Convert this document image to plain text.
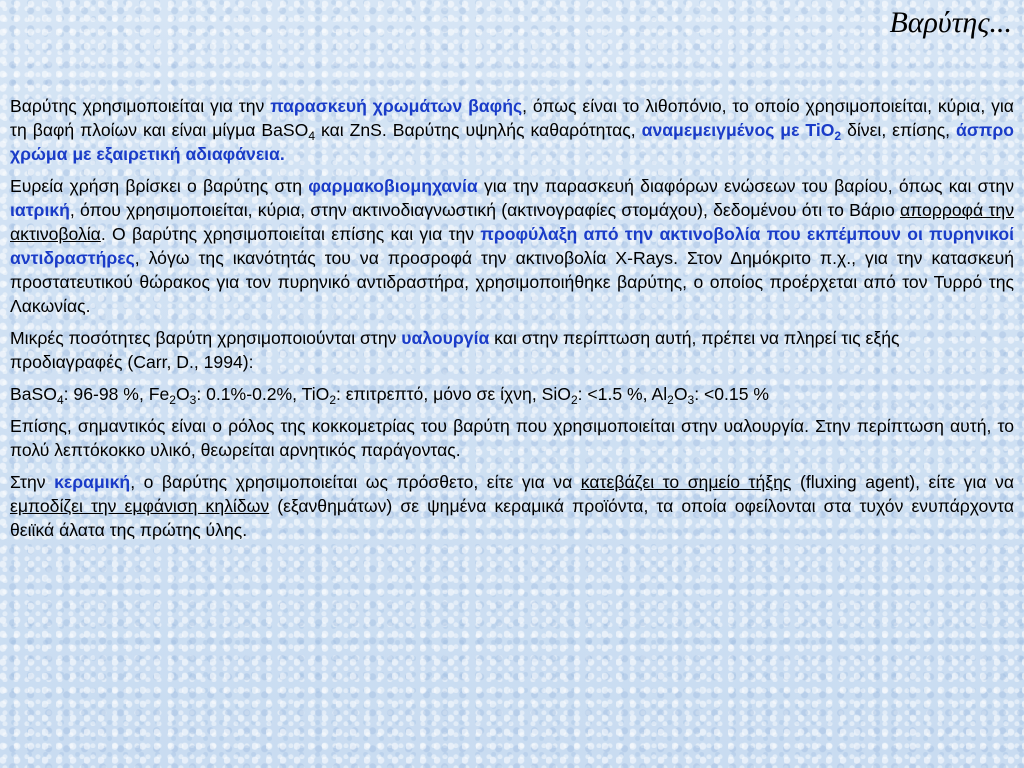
Βαρύτης...

Βαρύτης χρησιμοποιείται για την παρασκευή χρωμάτων βαφής, όπως είναι το λιθοπόνιο, το οποίο χρησιμοποιείται, κύρια, για τη βαφή πλοίων και είναι μίγμα BaSO$_4$ και ZnS. Βαρύτης υψηλής καθαρότητας, αναμεμειγμένος με TiO$_2$ δίνει, επίσης, άσπρο χρώμα με εξαιρετική αδιαφάνεια.

Ευρεία χρήση βρίσκει ο βαρύτης στη φαρμακοβιομηχανία για την παρασκευή διαφόρων ενώσεων του βαρίου, όπως και στην ιατρική, όπου χρησιμοποιείται, κύρια, στην ακτινοδιαγνωστική (ακτινογραφίες στομάχου), δεδομένου ότι το Βάριο απορροφά την ακτινοβολία. Ο βαρύτης χρησιμοποιείται επίσης και για την προφύλαξη από την ακτινοβολία που εκπέμπουν οι πυρηνικοί αντιδραστήρες, λόγω της ικανότητάς του να προσροφά την ακτινοβολία X-Rays. Στον Δημόκριτο π.χ., για την κατασκευή προστατευτικού θώρακος για τον πυρηνικό αντιδραστήρα, χρησιμοποιήθηκε βαρύτης, ο οποίος προέρχεται από τον Τυρρό της Λακωνίας.

Μικρές ποσότητες βαρύτη χρησιμοποιούνται στην υαλουργία και στην περίπτωση αυτή, πρέπει να πληρεί τις εξής προδιαγραφές (Carr, D., 1994):

BaSO$_4$: 96-98 %, $Fe_2O_3$: 0.1%-0.2%, TiO$_2$: επιτρεπτό, μόνο σε ίχνη, SiO$_2$: <1.5 %, $Al_2O_3$: <0.15 %

Επίσης, σημαντικός είναι ο ρόλος της κοκκομετρίας του βαρύτη που χρησιμοποιείται στην υαλουργία. Στην περίπτωση αυτή, το πολύ λεπτόκοκκο υλικό, θεωρείται αρνητικός παράγοντας.

Στην κεραμική, ο βαρύτης χρησιμοποιείται ως πρόσθετο, είτε για να κατεβάζει το σημείο τήξης (fluxing agent), είτε για να εμποδίζει την εμφάνιση κηλίδων (εξανθημάτων) σε ψημένα κεραμικά προϊόντα, τα οποία οφείλονται στα τυχόν ενυπάρχοντα θειϊκά άλατα της πρώτης ύλης.
